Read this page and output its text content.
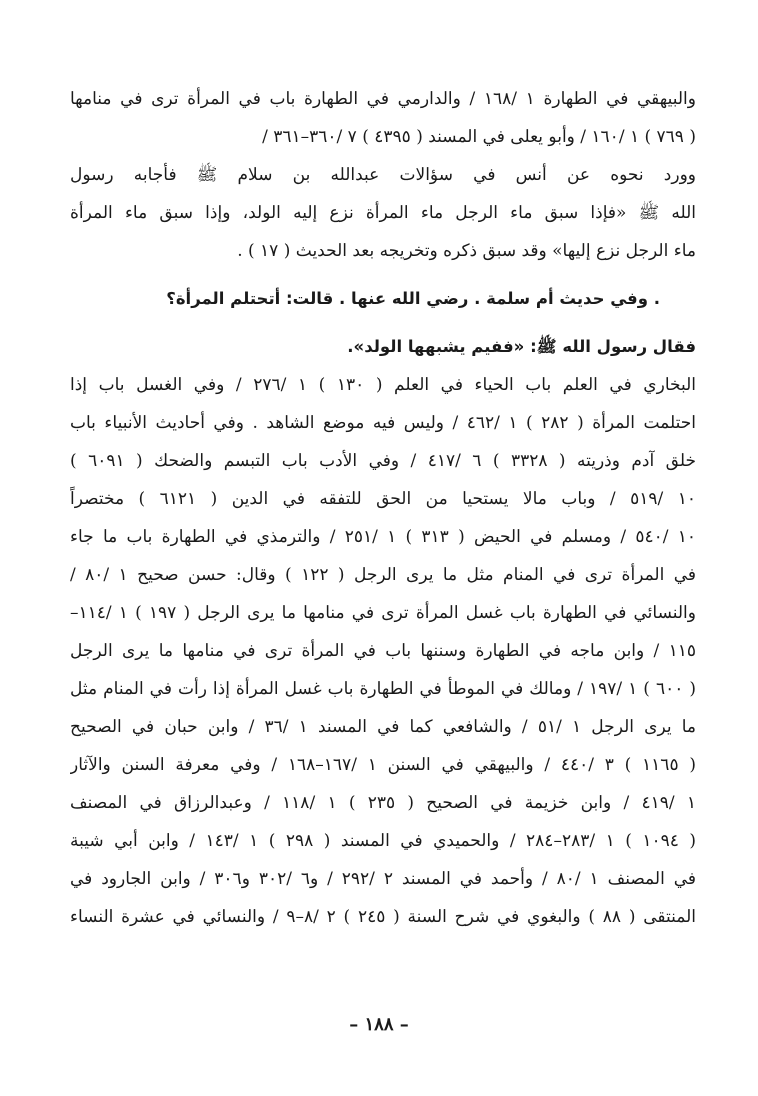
والبيهقي في الطهارة ١ /١٦٨ / والدارمي في الطهارة باب في المرأة ترى في منامها
( ٧٦٩ ) ١ /١٦٠ / وأبو يعلى في المسند ( ٤٣٩٥ ) ٧ /٣٦٠–٣٦١ /
وورد نحوه عن أنس في سؤالات عبدالله بن سلام ﷺ فأجابه رسول
الله ﷺ «فإذا سبق ماء الرجل ماء المرأة نزع إليه الولد، وإذا سبق ماء المرأة
ماء الرجل نزع إليها» وقد سبق ذكره وتخريجه بعد الحديث ( ١٧ ) .
. وفي حديث أم سلمة . رضي الله عنها . قالت: أتحتلم المرأة؟
فقال رسول الله ﷺ: «ففيم يشبهها الولد».
البخاري في العلم باب الحياء في العلم ( ١٣٠ ) ١ /٢٧٦ / وفي الغسل باب إذا
احتلمت المرأة ( ٢٨٢ ) ١ /٤٦٢ / وليس فيه موضع الشاهد . وفي أحاديث الأنبياء باب
خلق آدم وذريته ( ٣٣٢٨ ) ٦ /٤١٧ / وفي الأدب باب التبسم والضحك ( ٦٠٩١ )
١٠ /٥١٩ / وباب مالا يستحيا من الحق للتفقه في الدين ( ٦١٢١ ) مختصراً
١٠ /٥٤٠ / ومسلم في الحيض ( ٣١٣ ) ١ /٢٥١ / والترمذي في الطهارة باب ما جاء
في المرأة ترى في المنام مثل ما يرى الرجل ( ١٢٢ ) وقال: حسن صحيح ١ /٨٠ /
والنسائي في الطهارة باب غسل المرأة ترى في منامها ما يرى الرجل ( ١٩٧ ) ١ /١١٤–
١١٥ / وابن ماجه في الطهارة وسننها باب في المرأة ترى في منامها ما يرى الرجل
( ٦٠٠ ) ١ /١٩٧ / ومالك في الموطأ في الطهارة باب غسل المرأة إذا رأت في المنام مثل
ما يرى الرجل ١ /٥١ / والشافعي كما في المسند ١ /٣٦ / وابن حبان في الصحيح
( ١١٦٥ ) ٣ /٤٤٠ / والبيهقي في السنن ١ /١٦٧–١٦٨ / وفي معرفة السنن والآثار
١ /٤١٩ / وابن خزيمة في الصحيح ( ٢٣٥ ) ١ /١١٨ / وعبدالرزاق في المصنف
( ١٠٩٤ ) ١ /٢٨٣–٢٨٤ / والحميدي في المسند ( ٢٩٨ ) ١ /١٤٣ / وابن أبي شيبة
في المصنف ١ /٨٠ / وأحمد في المسند ٢ /٢٩٢ / و٦ /٣٠٢ و٣٠٦ / وابن الجارود في
المنتقى ( ٨٨ ) والبغوي في شرح السنة ( ٢٤٥ ) ٢ /٨–٩ / والنسائي في عشرة النساء
– ١٨٨ –
